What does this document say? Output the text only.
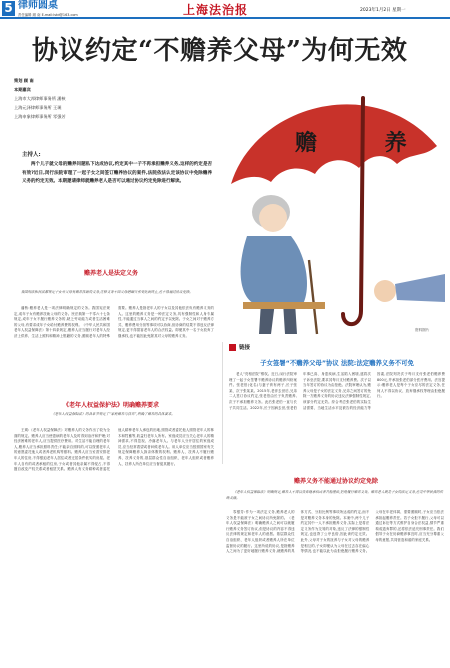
5 律师圆桌
责任编辑 顾 南 E-mail:lstd@163.com	上海法治报	2023年1月2日 星期一
协议约定“不赡养父母”为何无效
策划 顾 南
本期嘉宾
上海市大邦律师事务所 潘核
上海元泽律师事务所 王瑛
上海申象律师事务所 零强芳
主持人:
两个儿子就父母的赡养问题私下达成协议,约定其中一子不再承担赡养义务,这样的约定是否有效?近日,闵行法院审理了一起子女之间签订赡养协议的案件,法院依法认定该协议中免除赡养义务的约定无效。本期邀请律师就赡养老人是否可以通过协议约定免除进行解读。
赡养老人是法定义务
我国刑法和民法都规定子女对父母有赡养扶助的义务,这种义务不因父母婚姻关系变化而终止,也不得通过协议免除。
潘核:赡养老人是一项法律明确规定的义务。我国宪法规定,成年子女有赡养扶助父母的义务。民法典第一千零六十七条规定,成年子女不履行赡养义务的,缺乏劳动能力或者生活困难的父母,有要求成年子女给付赡养费的权利。《中华人民共和国老年人权益保障法》第十四条规定,赡养人应当履行对老年人经济上供养、生活上照料和精神上慰藉的义务,照顾老年人的特殊需要。赡养人是指老年人的子女以及其他依法负有赡养义务的人。这里的赡养义务是一种法定义务,具有强制性和人身专属性,不能通过当事人之间的约定予以免除。子女之间对于赡养方式、赡养费用分担等事项可以协商,但协商的结果不得违反法律规定,更不得损害老年人的合法权益。即便其中一名子女放弃了继承权,也不能因此免除其对父母的赡养义务。
《老年人权益保护法》明确赡养要求
《老年人权益保障法》的各章节规定了“家庭赡养与扶养”,明确了赡养的具体要求。
王瑛:《老年人权益保障法》对赡养人的义务作出了较为全面的规定。赡养人应当使患病的老年人及时得到治疗和护理;对经济困难的老年人,应当提供医疗费用。对生活不能自理的老年人,赡养人应当承担照料责任;不能亲自照料的,可以按照老年人的意愿委托他人或者养老机构等照料。赡养人应当妥善安排老年人的住房,不得强迫老年人居住或者迁居条件低劣的房屋。老年人自有的或者承租的住房,子女或者其他亲属不得侵占,不得擅自改变产权关系或者租赁关系。赡养人有义务耕种或者委托他人耕种老年人承包的田地,照管或者委托他人照管老年人的林木和牲畜等,收益归老年人所有。家庭成员应当关心老年人的精神需求,不得忽视、冷落老年人。与老年人分开居住的家庭成员,应当经常看望或者问候老年人。用人单位应当按照国家有关规定保障赡养人探亲休假的权利。赡养人、扶养人不履行赡养、扶养义务的,基层群众性自治组织、老年人组织或者赡养人、扶养人所在单位应当督促其履行。
赡 养
资料图片
链接
子女签署“不赡养父母”协议 法院:法定赡养义务不可免
老人“亮相法院”维权。近日,闵行法院审理了一起子女签署不赡养协议的赡养纠纷案件。张老伯(化名)与妻子育有两子,长子张某、次子张某某。2015年,老伴去世后,兄弟二人签订协议约定,张老伯由长子负责赡养,次子不承担赡养义务。此后张老伯一直与长子共同生活。2022年,长子因病去世,张老伯年事已高、身患疾病,生活陷入困境,遂将次子诉至法院,要求其每月支付赡养费。次子以当年签订的协议为由拒绝。法院审理认为,赡养父母是子女的法定义务,兄弟之间签订的免除一方赡养义务的协议违反法律强制性规定,该部分约定无效。综合考虑张老伯的实际生活需要、当地生活水平及被告的经济能力等因素,法院判决次子每月支付张老伯赡养费800元,并承担张老伯部分医疗费用。法官提示:赡养老人是每个子女应尽的法定义务,任何人不得以协议、放弃继承权等理由拒绝履行。
赡养义务不能通过协议约定免除
《老年人权益保障法》明确规定,赡养人不得以放弃继承权或者其他理由,拒绝履行赡养义务。赡养老人既是子女的法定义务,也是中华民族的传统美德。
零强芳:作为一项法定义务,赡养老人的义务是不能被子女之间协议所免除的。《老年人权益保障法》明确赡养人之间可以就履行赡养义务签订协议,但是协议的内容不得违反法律的规定和老年人的意愿。基层群众性自治组织、老年人组织或者赡养人所在单位监督协议的履行。这里所说的协议,是指赡养人之间为了更好地履行赡养义务,就赡养的具体方式、分担比例等事项所达成的约定,而不是对赡养义务本身的免除。本案中,两个儿子约定其中一人不承担赡养义务,实际上是将法定义务作为交易的对象,违反了法律的强制性规定,也违背了公序良俗,因此该约定无效。此外,父母对子女的抚养与子女对父母的赡养是相互的,子女即便认为父母在过去存在偏心等情况,也不能以此为由拒绝履行赡养义务。父母在年老体弱、需要照顾时,子女应当依法承担起赡养责任。若子女拒不履行,父母可以通过诉讼等方式维护自身合法权益,情节严重构成遗弃罪的,还将依法追究刑事责任。我们倡导子女在协商赡养事宜时,应当充分尊重父母的意愿,共同营造和谐的家庭关系。
